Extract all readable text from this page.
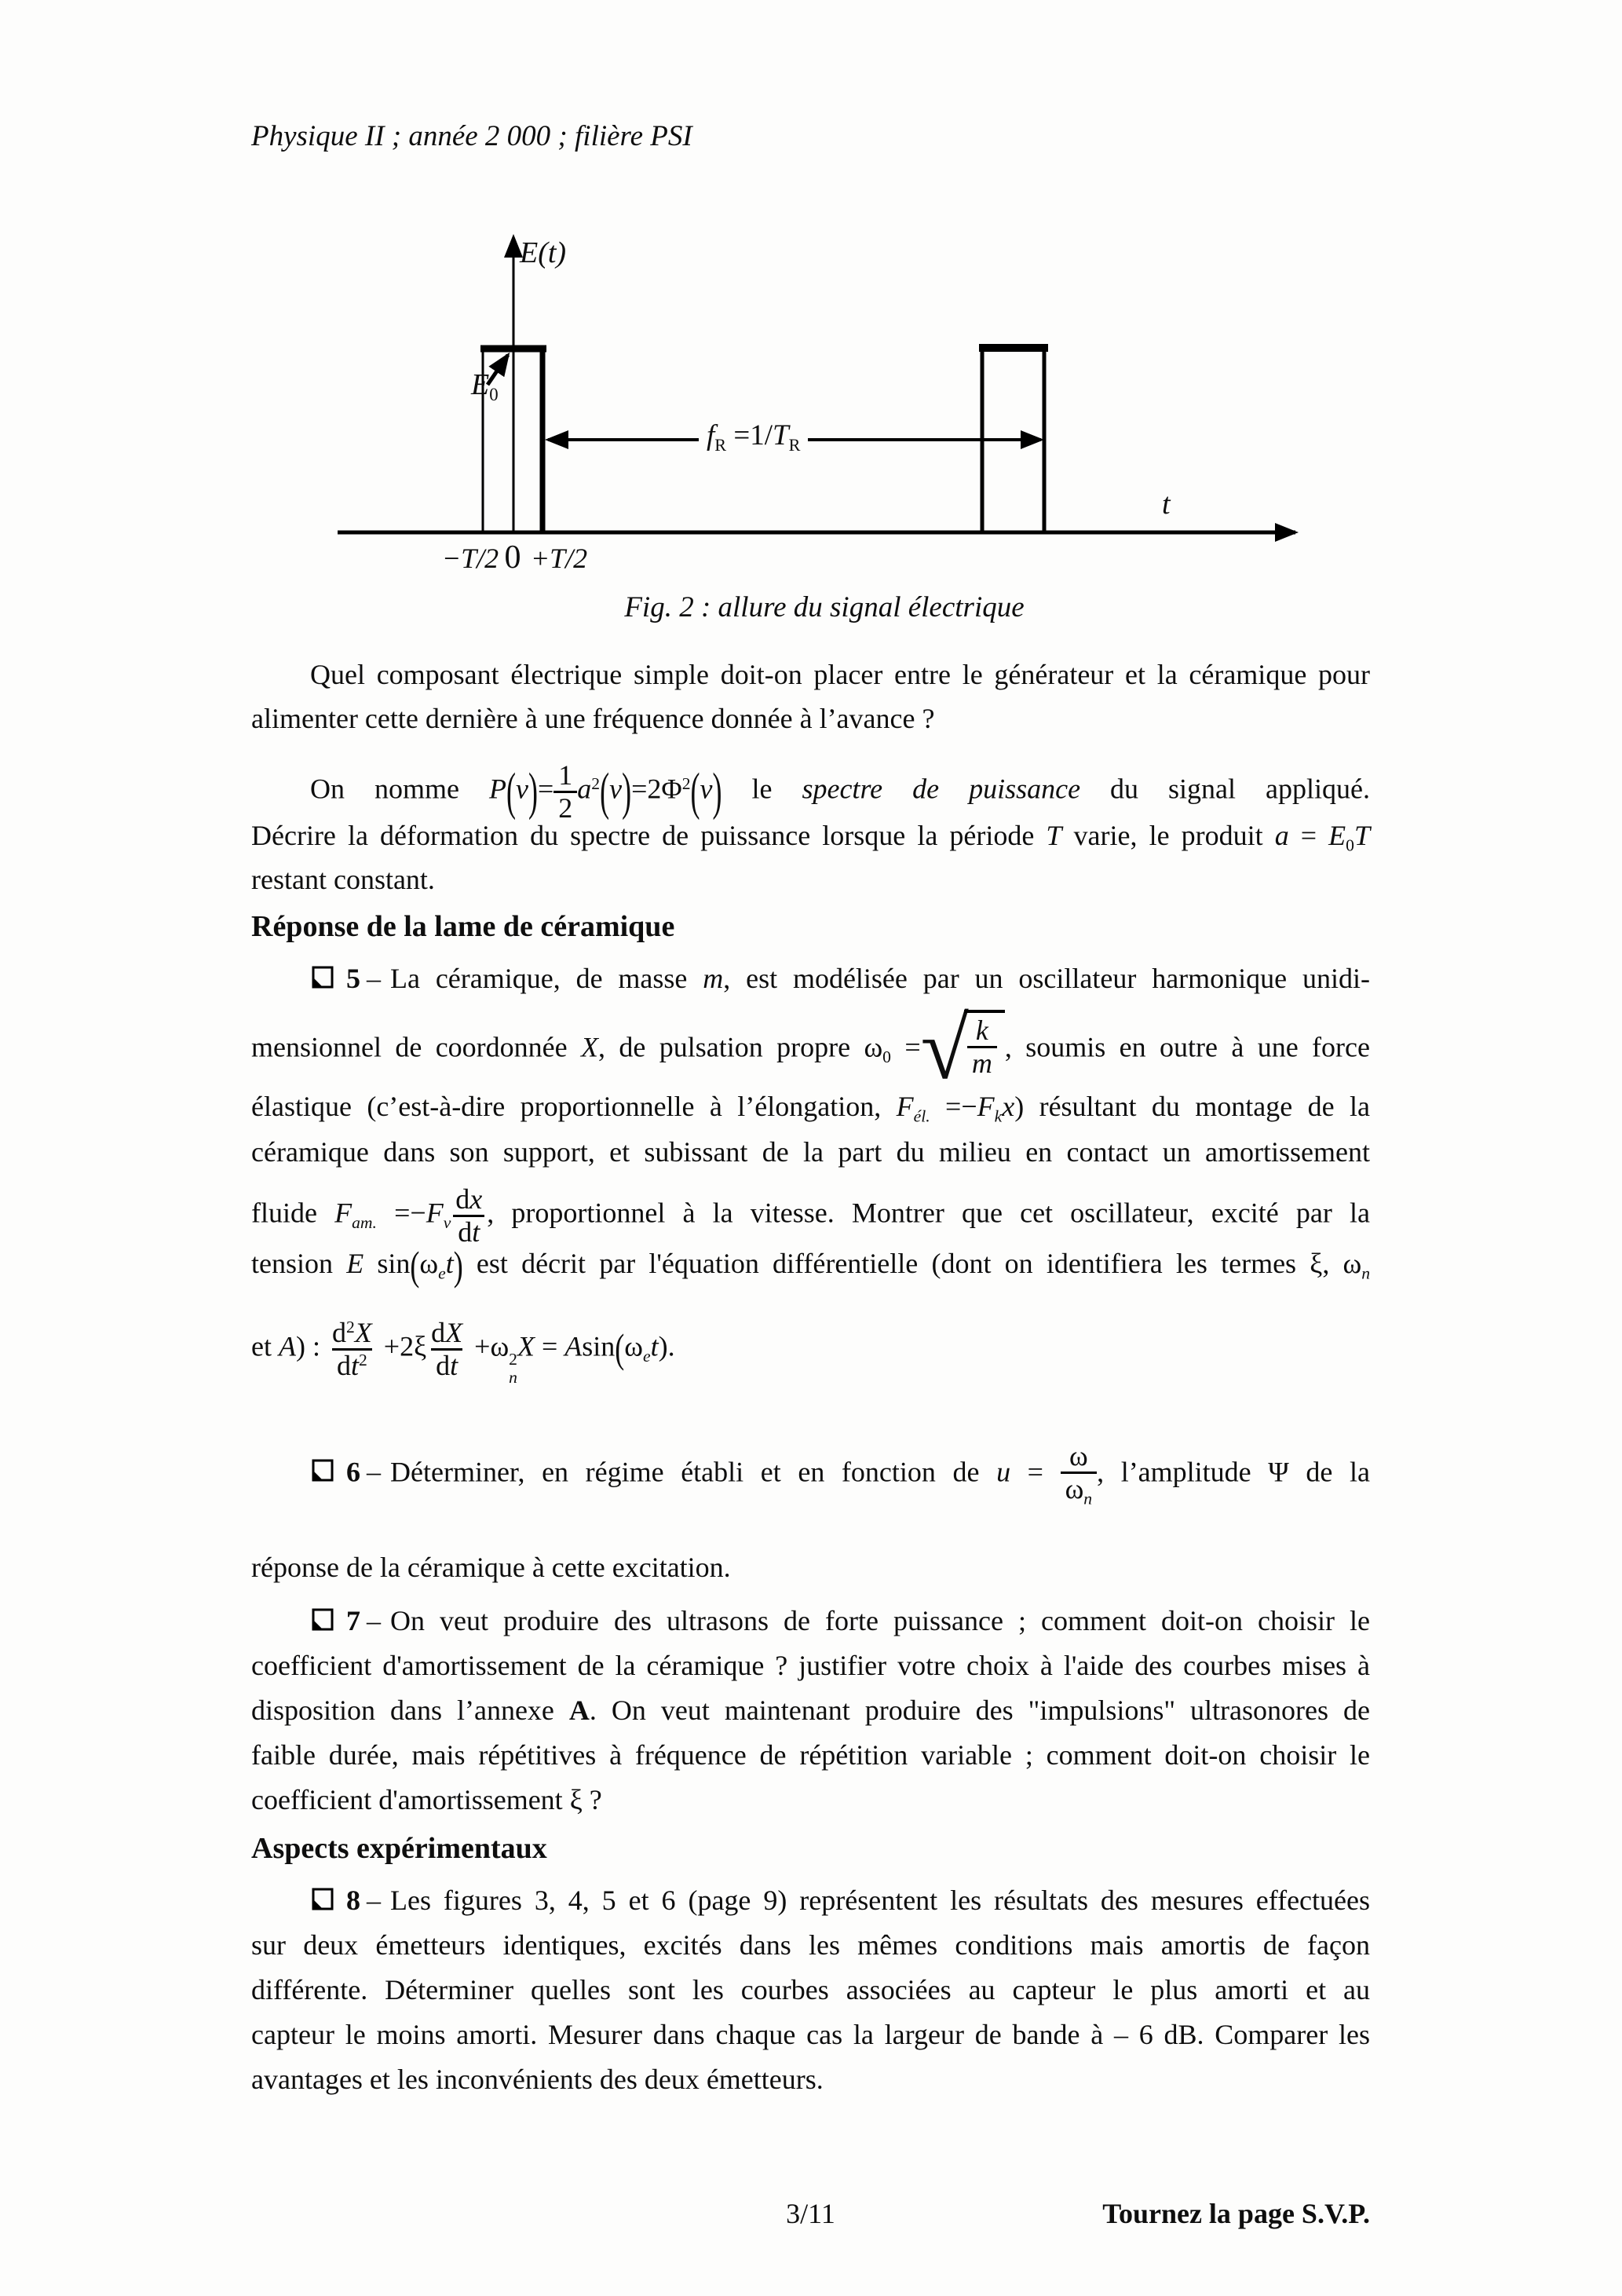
Physique II ; année 2 000 ; filière PSI
E(t)
$E_0$
$f_R =1/T_R$
t
−T/2 0 +T/2
Fig. 2 : allure du signal électrique
Quel composant électrique simple doit-on placer entre le générateur et la céramique pour
alimenter cette dernière à une fréquence donnée à l’avance ?
On nomme $P(\nu)= \frac{1}{2} a^2(\nu)=2\Phi^2(\nu)$ le spectre de puissance du signal appliqué.
Décrire la déformation du spectre de puissance lorsque la période T varie, le produit $a = E_0T$
restant constant.
Réponse de la lame de céramique
5 – La céramique, de masse m, est modélisée par un oscillateur harmonique unidi-
mensionnel de coordonnée X, de pulsation propre $\omega_0$ = √
$\frac{k}{m}$ , soumis en outre à une force
élastique (c’est-à-dire proportionnelle à l’élongation, $F_{él.} =-F_kx$) résultant du montage de la
céramique dans son support, et subissant de la part du milieu en contact un amortissement
fluide $F_{am.} =-F_v \frac{dx}{dt}$ , proportionnel à la vitesse. Montrer que cet oscillateur, excité par la
tension E $\sin(\omega_et)$ est décrit par l'équation différentielle (dont on identifiera les termes ξ, $\omega_n$
et A) : $\frac{d^2X}{dt^2} +2\xi \frac{dX}{dt} +\omega$ 2
n
$X = Asin(\omega_et)$.
6 – Déterminer, en régime établi et en fonction de $u = \frac{\omega}{\omega_n}$ , l’amplitude Ψ de la
réponse de la céramique à cette excitation.
7 – On veut produire des ultrasons de forte puissance ; comment doit-on choisir le
coefficient d'amortissement de la céramique ? justifier votre choix à l'aide des courbes mises à
disposition dans l’annexe A. On veut maintenant produire des "impulsions" ultrasonores de
faible durée, mais répétitives à fréquence de répétition variable ; comment doit-on choisir le
coefficient d'amortissement ξ ?
Aspects expérimentaux
8 – Les figures 3, 4, 5 et 6 (page 9) représentent les résultats des mesures effectuées
sur deux émetteurs identiques, excités dans les mêmes conditions mais amortis de façon
différente. Déterminer quelles sont les courbes associées au capteur le plus amorti et au
capteur le moins amorti. Mesurer dans chaque cas la largeur de bande à – 6 dB. Comparer les
avantages et les inconvénients des deux émetteurs.
3/11	Tournez la page S.V.P.
